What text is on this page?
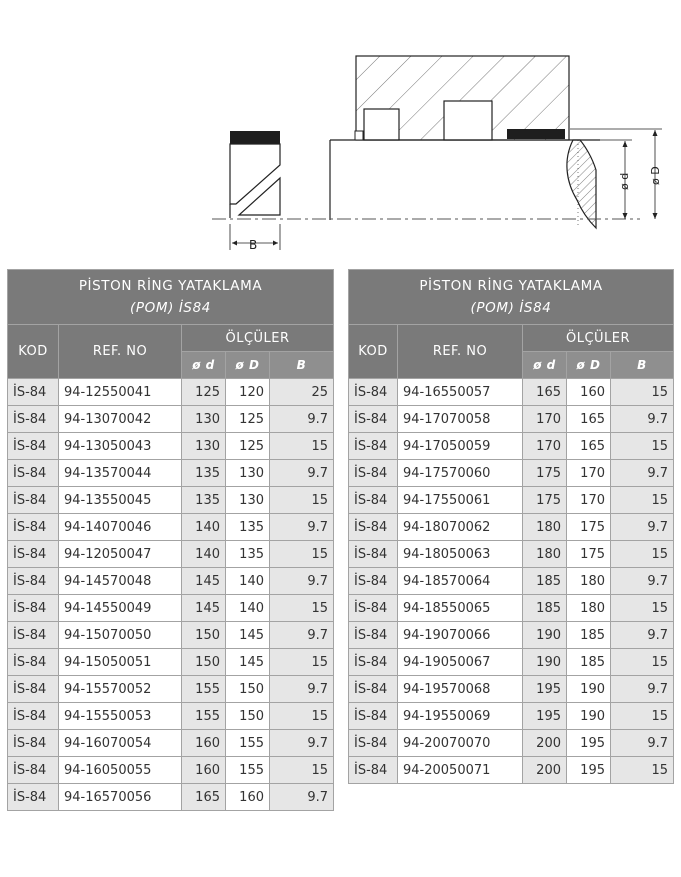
B
ø d ø D
PİSTON RİNG YATAKLAMA
(POM) İS84				

KOD	REF. NO	ÖLÇÜLER		
		ø d	ø D	B
İS-84	94-12550041	125	120	25
İS-84	94-13070042	130	125	9.7
İS-84	94-13050043	130	125	15
İS-84	94-13570044	135	130	9.7
İS-84	94-13550045	135	130	15
İS-84	94-14070046	140	135	9.7
İS-84	94-12050047	140	135	15
İS-84	94-14570048	145	140	9.7
İS-84	94-14550049	145	140	15
İS-84	94-15070050	150	145	9.7
İS-84	94-15050051	150	145	15
İS-84	94-15570052	155	150	9.7
İS-84	94-15550053	155	150	15
İS-84	94-16070054	160	155	9.7
İS-84	94-16050055	160	155	15
İS-84	94-16570056	165	160	9.7
PİSTON RİNG YATAKLAMA
(POM) İS84				

KOD	REF. NO	ÖLÇÜLER		
		ø d	ø D	B
İS-84	94-16550057	165	160	15
İS-84	94-17070058	170	165	9.7
İS-84	94-17050059	170	165	15
İS-84	94-17570060	175	170	9.7
İS-84	94-17550061	175	170	15
İS-84	94-18070062	180	175	9.7
İS-84	94-18050063	180	175	15
İS-84	94-18570064	185	180	9.7
İS-84	94-18550065	185	180	15
İS-84	94-19070066	190	185	9.7
İS-84	94-19050067	190	185	15
İS-84	94-19570068	195	190	9.7
İS-84	94-19550069	195	190	15
İS-84	94-20070070	200	195	9.7
İS-84	94-20050071	200	195	15
